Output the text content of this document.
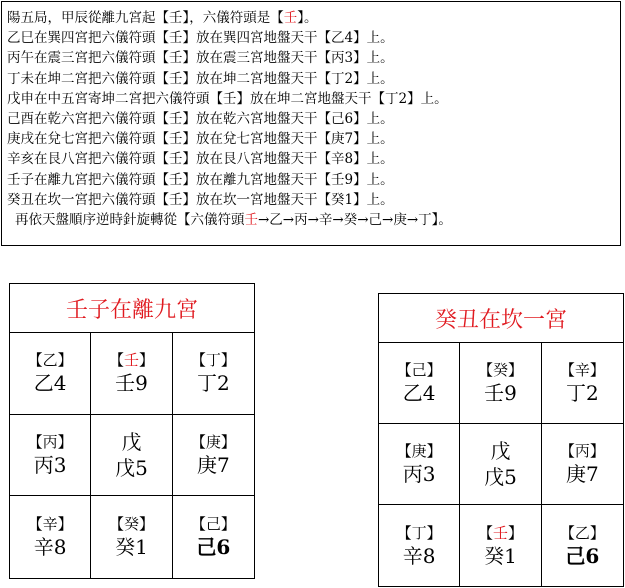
陽五局，甲辰從離九宮起【壬】，六儀符頭是【壬】。
乙巳在巽四宮把六儀符頭【壬】放在巽四宮地盤天干【乙4】上。
丙午在震三宮把六儀符頭【壬】放在震三宮地盤天干【丙3】上。
丁未在坤二宮把六儀符頭【壬】放在坤二宮地盤天干【丁2】上。
戊申在中五宮寄坤二宮把六儀符頭【壬】放在坤二宮地盤天干【丁2】上。
己酉在乾六宮把六儀符頭【壬】放在乾六宮地盤天干【己6】上。
庚戌在兌七宮把六儀符頭【壬】放在兌七宮地盤天干【庚7】上。
辛亥在艮八宮把六儀符頭【壬】放在艮八宮地盤天干【辛8】上。
壬子在離九宮把六儀符頭【壬】放在離九宮地盤天干【壬9】上。
癸丑在坎一宮把六儀符頭【壬】放在坎一宮地盤天干【癸1】上。
再依天盤順序逆時針旋轉從【六儀符頭壬→乙→丙→辛→癸→己→庚→丁】。
壬子在離九宮
【乙】
乙4
【壬】
壬9
【丁】
丁2
【丙】
丙3
戊
戊5
【庚】
庚7
【辛】
辛8
【癸】
癸1
【己】
己6
癸丑在坎一宮
【己】
乙4
【癸】
壬9
【辛】
丁2
【庚】
丙3
戊
戊5
【丙】
庚7
【丁】
辛8
【壬】
癸1
【乙】
己6
